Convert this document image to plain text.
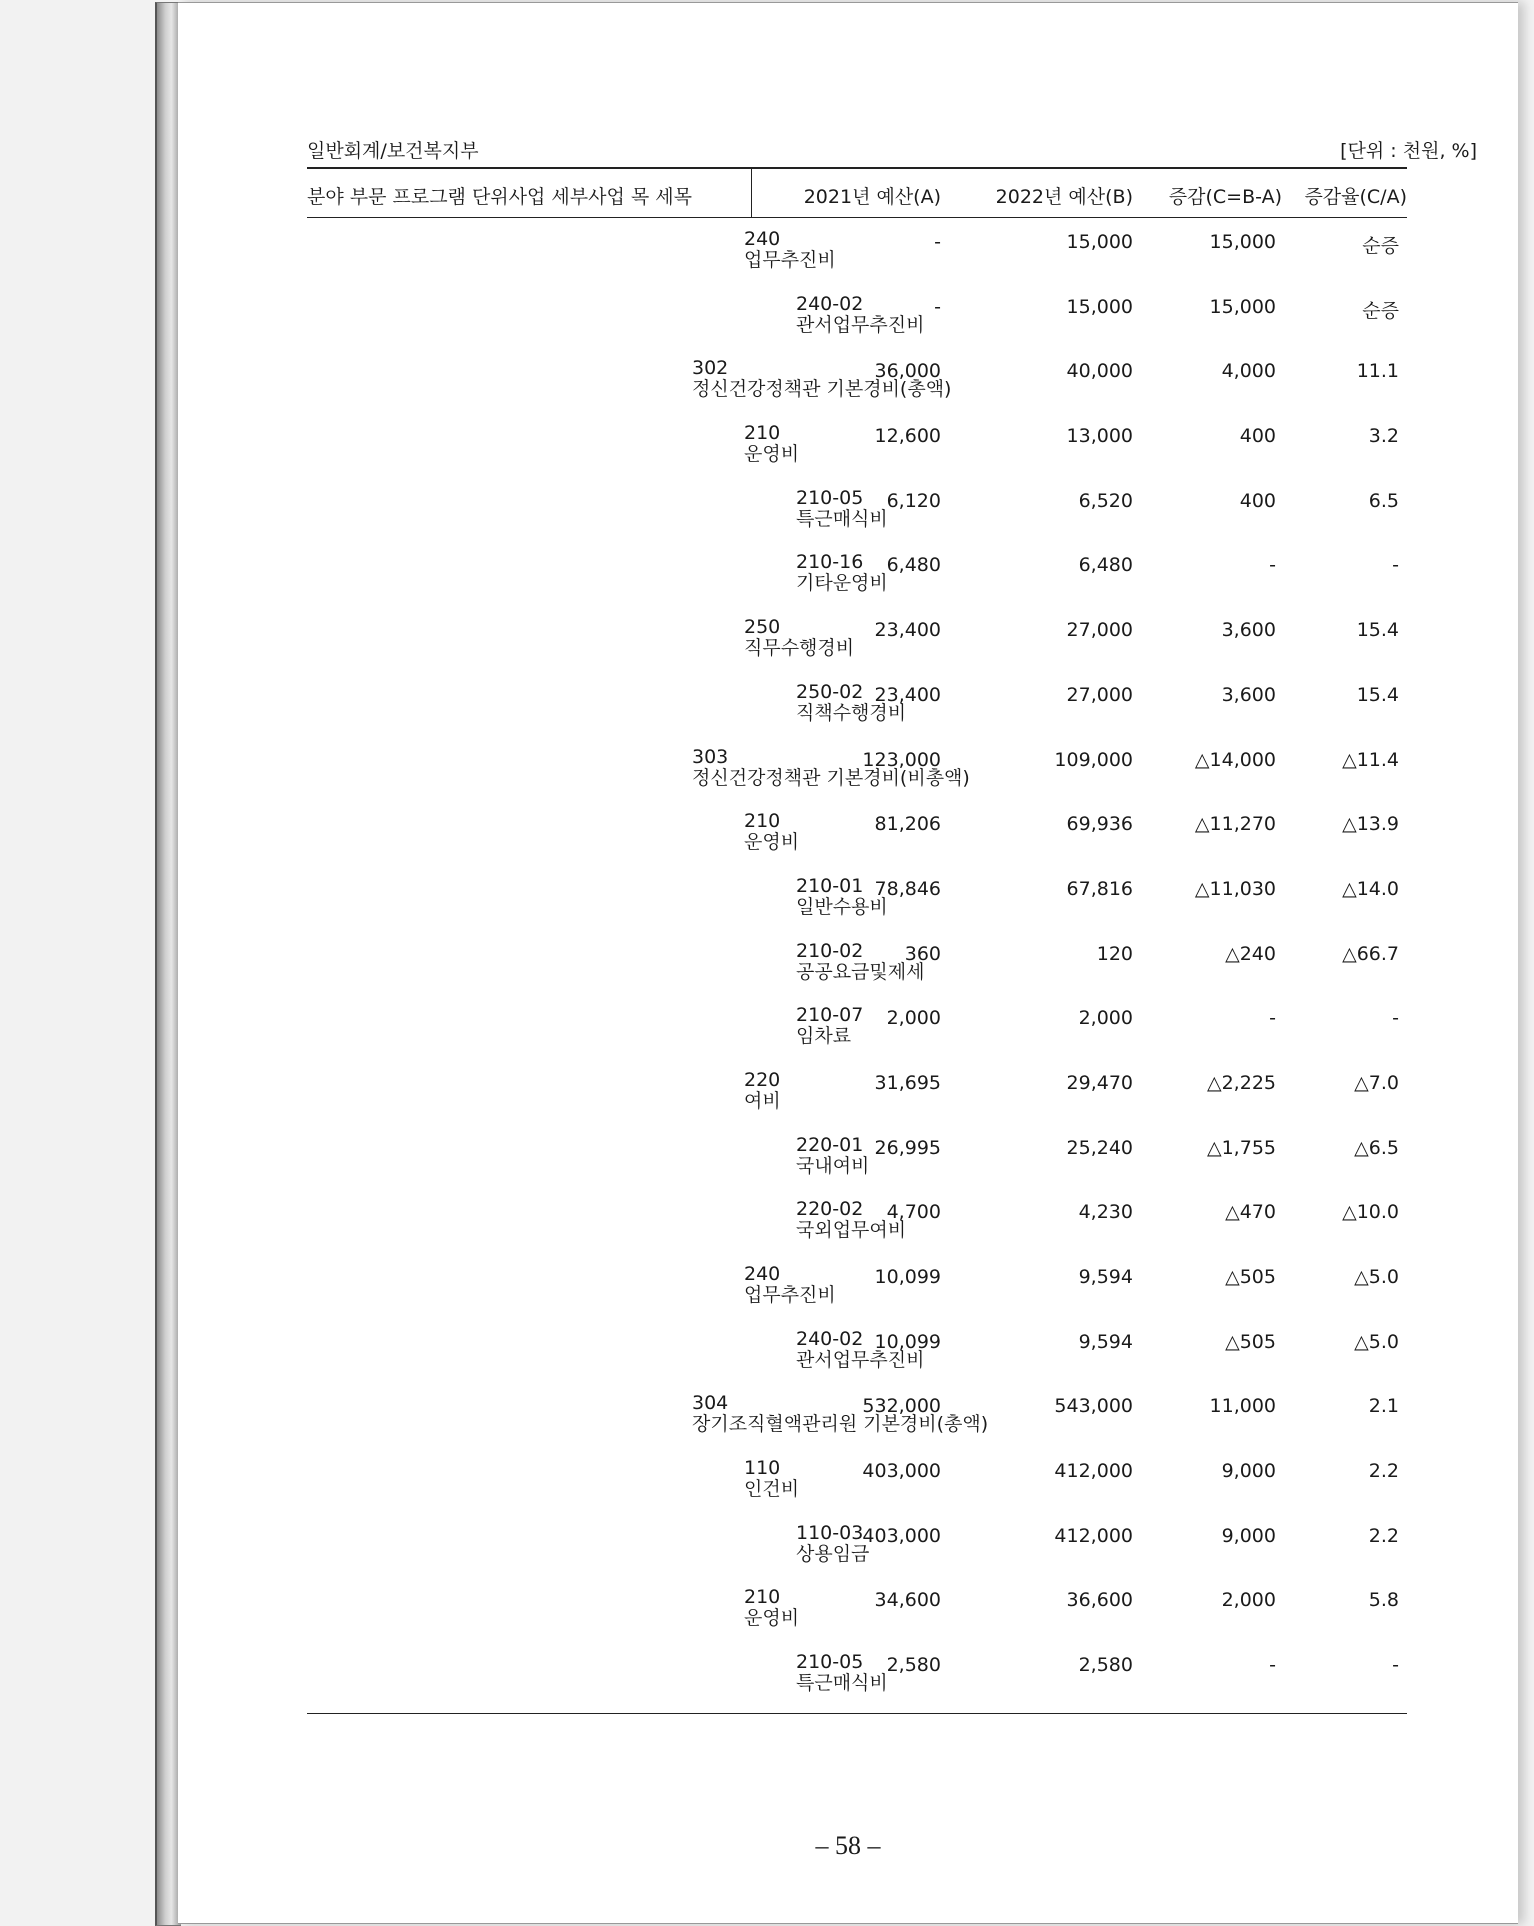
일반회계/보건복지부	[단위 : 천원, %]
분야 부문 프로그램 단위사업 세부사업 목 세목	2021년 예산(A)	2022년 예산(B) 증감(C=B-A) 증감율(C/A)
240
업무추진비
-	15,000	15,000	순증
240-02
관서업무추진비
-	15,000	15,000	순증
302
정신건강정책관 기본경비(총액)
36,000	40,000	4,000	11.1
210
운영비
12,600	13,000	400	3.2
210-05
특근매식비
6,120	6,520	400	6.5
210-16
기타운영비
6,480	6,480	-	-
250
직무수행경비
23,400	27,000	3,600	15.4
250-02
직책수행경비
23,400	27,000	3,600	15.4
303
정신건강정책관 기본경비(비총액)
123,000	109,000	△14,000	△11.4
210
운영비
81,206	69,936	△11,270	△13.9
210-01
일반수용비
78,846	67,816	△11,030	△14.0
210-02
공공요금및제세
360	120	△240	△66.7
210-07
임차료
2,000	2,000	-	-
220
여비
31,695	29,470	△2,225	△7.0
220-01
국내여비
26,995	25,240	△1,755	△6.5
220-02
국외업무여비
4,700	4,230	△470	△10.0
240
업무추진비
10,099	9,594	△505	△5.0
240-02
관서업무추진비
10,099	9,594	△505	△5.0
304
장기조직혈액관리원 기본경비(총액)
532,000	543,000	11,000	2.1
110
인건비
403,000	412,000	9,000	2.2
110-03
상용임금
403,000	412,000	9,000	2.2
210
운영비
34,600	36,600	2,000	5.8
210-05
특근매식비
2,580	2,580	-	-
– 58 –
